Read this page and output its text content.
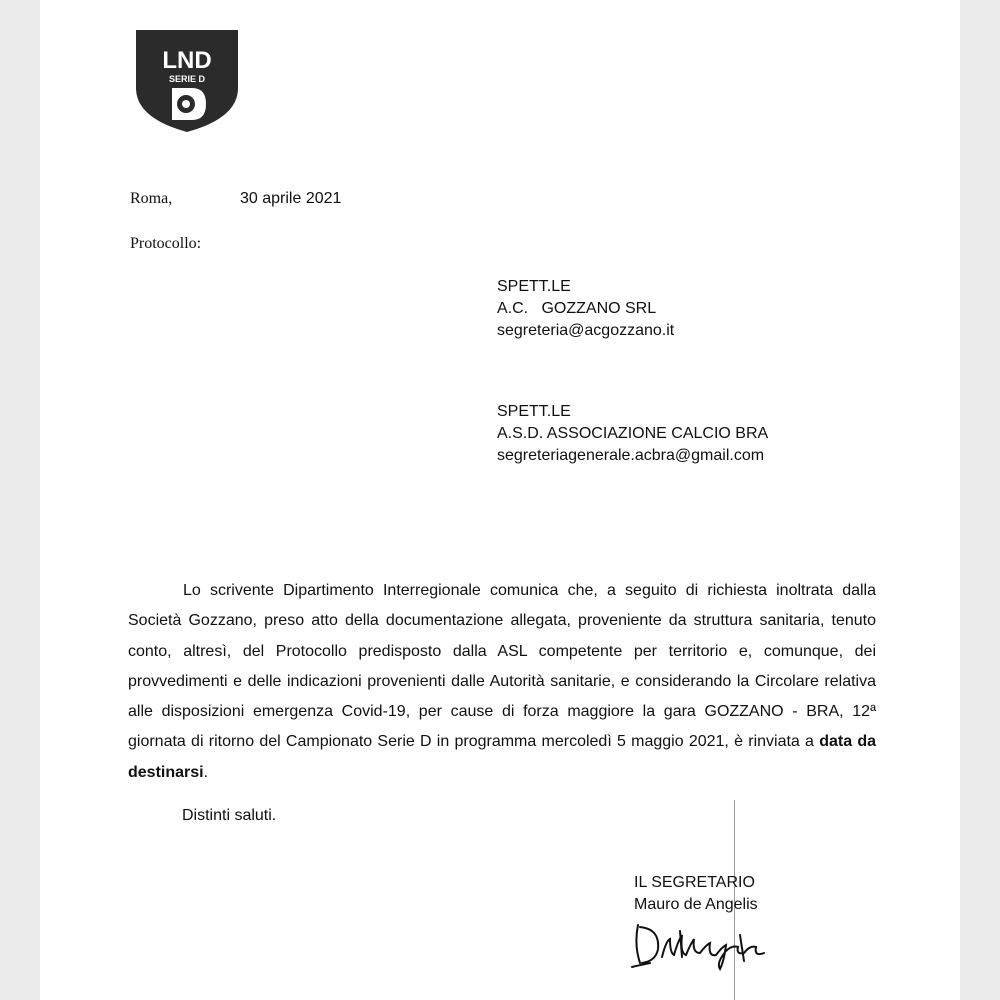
LND
SERIE D
Roma,	30 aprile 2021
Protocollo:
SPETT.LE
A.C.   GOZZANO SRL
segreteria@acgozzano.it
SPETT.LE
A.S.D. ASSOCIAZIONE CALCIO BRA
segreteriagenerale.acbra@gmail.com
Lo scrivente Dipartimento Interregionale comunica che, a seguito di richiesta inoltrata dalla Società Gozzano, preso atto della documentazione allegata, proveniente da struttura sanitaria, tenuto conto, altresì, del Protocollo predisposto dalla ASL competente per territorio e, comunque, dei provvedimenti e delle indicazioni provenienti dalle Autorità sanitarie, e considerando la Circolare relativa alle disposizioni emergenza Covid-19, per cause di forza maggiore la gara GOZZANO - BRA, 12ª giornata di ritorno del Campionato Serie D in programma mercoledì 5 maggio 2021, è rinviata a data da destinarsi.
Distinti saluti.
IL SEGRETARIO
Mauro de Angelis
